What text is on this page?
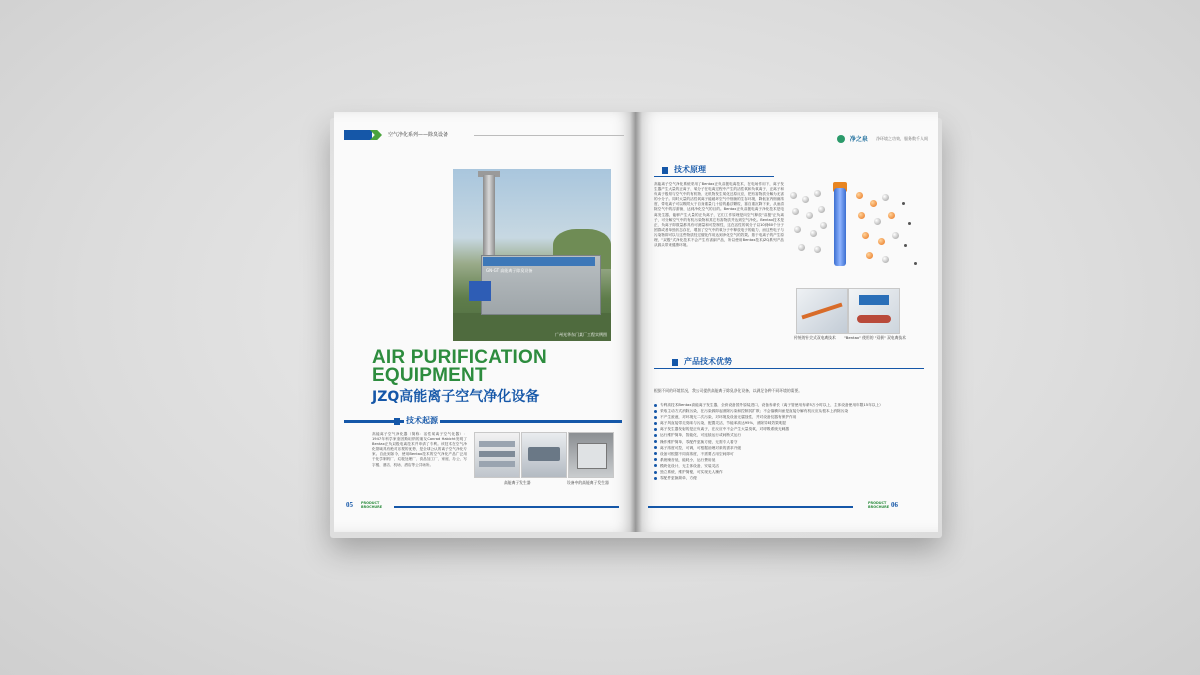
空气净化系列——除臭设备
GN-GT 高能离子除臭设备
广州光华东门某厂工程实例图
AIR PURIFICATION EQUIPMENT
JZQ高能离子空气净化设备
技术起源
高能离子空气净化器（简称：活性氧离子空气化器）：1947年科学家奎因斯坦纳的朋友Conrad Habicht发明了Bentax正负双极电离技术并申请了专利。该技术在空气净化领域具有绝对乐观的优势，是全球公认的离子空气净化专家。自此到如今，使用Bentax技术的空气净化产品广泛用于化学制药厂、垃圾处理厂、食品加工厂、家庭、办公、写字楼、酒店、机场、酒店等公共场所。
高能离子发生器	设备中的高能离子发生器
05 PRODUCT BROCHURE
净之泉 净环境之功效，服务数千人间
技术原理
高能离子空气净化系统采用了Bentax正负双极电离技术，在电场作用下，离子发生器产生大量的正离子、氧分子在电离过程中产生的活性氧和负氧离子，正离子和负离子极易与空气中的有机物、无机物发生氧化还原反应，把有害物质分解为无害的小分子。同时大量的活性氧离子能破坏空气中细菌的生存环境，降低室内细菌浓度，带电离子可以吸附大于自身重量几十倍的悬浮颗粒，靠自重沉降下来，从而清除空气中的浮游菌，达到净化空气的目的。Bentax正负双极电离子净化技术是电离发生器，能够产生大量的正负离子，它们工作原理是向空气释放"双极"正负离子，可分解空气中的有机污染物和其它有害物质并达到空气净化。Bentax技术是正、负离子即数量都具有可测量和可控制性，这在活性的氧分子以10到60个分子团群或者单独状态存在，增加了空气中的氧分子中释放电子的能力，而这些电子与污染物即可以与这些物质经过催化作用达到净化空气的效果。基于电离子的产生原理，"双极"式净化技术不会产生有害副产品，所以使用Bentax技术JZQ系列产品从源头带来健康环境。
传统的针尖式双电离技术 "Bentax" 使用的 "双极" 双电离技术
产品技术优势
根据不同的环境状况，我公司提供高能离子除臭净化设备，以满足各种不同环境的需要。
专利高技术Bentax高能离子发生器，全套设备国外原装进口，设备寿命长（离子管使用寿命5万小时以上，主体设备使用年限15年以上）
采取主动方式消除污染，在污染源即起消除污染和控制其扩散；不会落横向而是直接分解有机反应从根本上消除污染
不产生废液，对环境无二次污染，对环境及设备无腐蚀性，并对设备仪器有保护作用
离子风直接带走臭味与污染，配置灵活，节能率高达95%，消除异味效果明显
离子发生器发射的是正负离子，在反应中不会产生大量臭氧，对呼吸系统无刺激
运行维护简单，智能化，可连续运行或间断式运行
操作维护简单，零配件更换方便，无需专人看守
离子浓度可控，可调，可根据治理对象的需求升级
设备可根据不同高浓度，不需要占用空间即可
系统噪音低，能耗小，运行费用低
模块化设计，无主体设备，安装灵活
独立系统，维护简便，可实现无人操作
零配件更换简单，方便
PRODUCT BROCHURE 06
